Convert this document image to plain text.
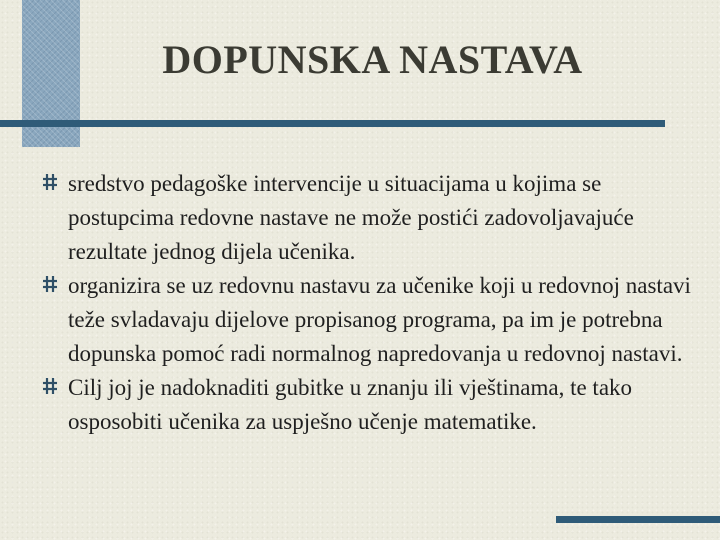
DOPUNSKA NASTAVA
sredstvo pedagoške intervencije u situacijama u kojima se postupcima redovne nastave ne može postići zadovoljavajuće rezultate jednog dijela učenika.
organizira se uz redovnu nastavu za učenike koji u redovnoj nastavi teže svladavaju dijelove propisanog programa, pa im je potrebna dopunska pomoć radi normalnog napredovanja u redovnoj nastavi.
Cilj joj je nadoknaditi gubitke u znanju ili vještinama, te tako osposobiti učenika za uspješno učenje matematike.
